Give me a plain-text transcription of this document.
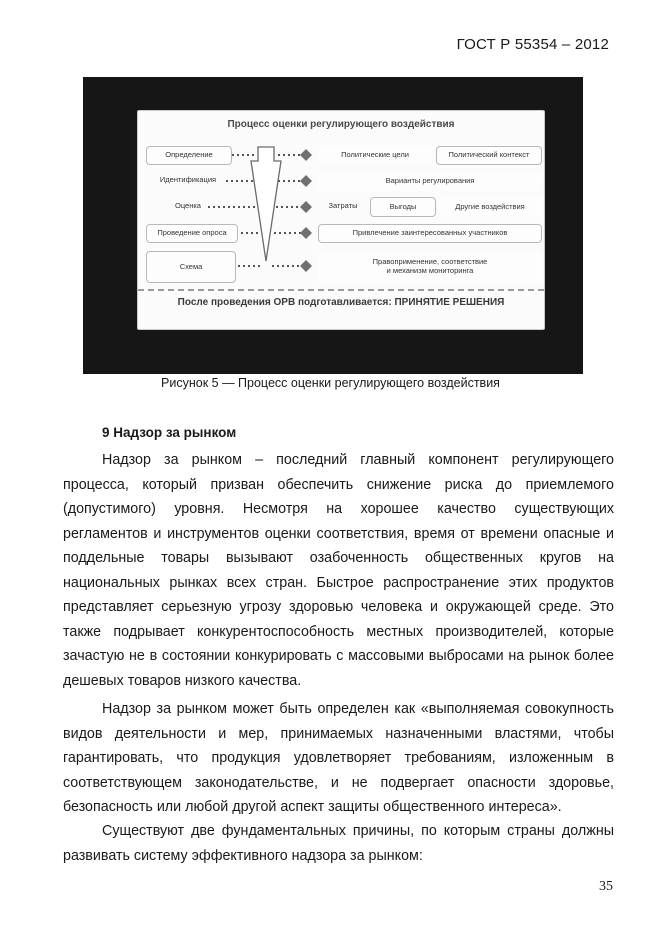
ГОСТ Р 55354 – 2012
Процесс оценки регулирующего воздействия
Определение
Идентификация
Оценка
Проведение опроса
Схема
Политические цели	Политический контекст
Варианты регулирования
Затраты	Выгоды	Другие воздействия
Привлечение заинтересованных участников
Правоприменение, соответствие
и механизм мониторинга
После проведения ОРВ подготавливается: ПРИНЯТИЕ РЕШЕНИЯ
Рисунок 5 — Процесс оценки регулирующего воздействия
9 Надзор за рынком

Надзор за рынком – последний главный компонент регулирующего процесса, который призван обеспечить снижение риска до приемлемого (допустимого) уровня. Несмотря на хорошее качество существующих регламентов и инструментов оценки соответствия, время от времени опасные и поддельные товары вызывают озабоченность общественных кругов на национальных рынках всех стран. Быстрое распространение этих продуктов представляет серьезную угрозу здоровью человека и окружающей среде. Это также подрывает конкурентоспособность местных производителей, которые зачастую не в состоянии конкурировать с массовыми выбросами на рынок более дешевых товаров низкого качества.

Надзор за рынком может быть определен как «выполняемая совокупность видов деятельности и мер, принимаемых назначенными властями, чтобы гарантировать, что продукция удовлетворяет требованиям, изложенным в соответствующем законодательстве, и не подвергает опасности здоровье, безопасность или любой другой аспект защиты общественного интереса».

Существуют две фундаментальных причины, по которым страны должны развивать систему эффективного надзора за рынком:

35
